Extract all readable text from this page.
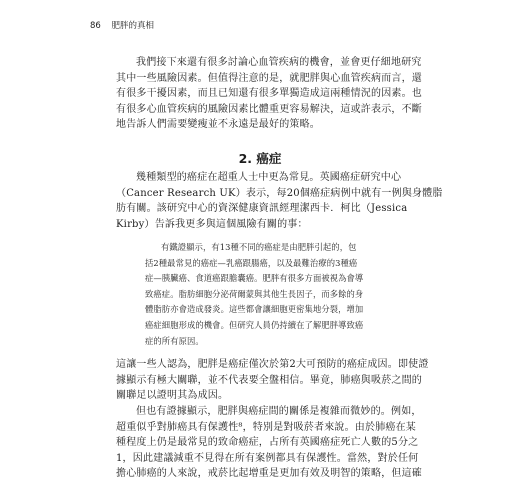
86 肥胖的真相
我們接下來還有很多討論心血管疾病的機會，並會更仔細地研究
其中一些風險因素。但值得注意的是，就肥胖與心血管疾病而言，還
有很多干擾因素，而且已知還有很多單獨造成這兩種情況的因素。也
有很多心血管疾病的風險因素比體重更容易解決，這或許表示，不斷
地告訴人們需要變瘦並不永遠是最好的策略。
2. 癌症
幾種類型的癌症在超重人士中更為常見。英國癌症研究中心
（Cancer Research UK）表示，每20個癌症病例中就有一例與身體脂
肪有關。該研究中心的資深健康資訊經理潔西卡．柯比（Jessica
Kirby）告訴我更多與這個風險有關的事：
有鐵證顯示，有13種不同的癌症是由肥胖引起的，包
括2種最常見的癌症—乳癌跟腸癌，以及最難治療的3種癌
症—胰臟癌、食道癌跟膽囊癌。肥胖有很多方面被視為會導
致癌症。脂肪細胞分泌荷爾蒙與其他生長因子，而多餘的身
體脂肪亦會造成發炎。這些都會讓細胞更密集地分裂，增加
癌症細胞形成的機會。但研究人員仍持續在了解肥胖導致癌
症的所有原因。
這讓一些人認為，肥胖是癌症僅次於第2大可預防的癌症成因。即使證
據顯示有極大關聯，並不代表要全盤相信。畢竟，肺癌與吸菸之間的
關聯足以證明其為成因。
但也有證據顯示，肥胖與癌症間的關係是複雜而微妙的。例如，
超重似乎對肺癌具有保護性⁸，特別是對吸菸者來說。由於肺癌在某
種程度上仍是最常見的致命癌症，占所有英國癌症死亡人數的5分之
1，因此建議減重不見得在所有案例都具有保護性。當然，對於任何
擔心肺癌的人來說，戒菸比起增重是更加有效及明智的策略，但這確
